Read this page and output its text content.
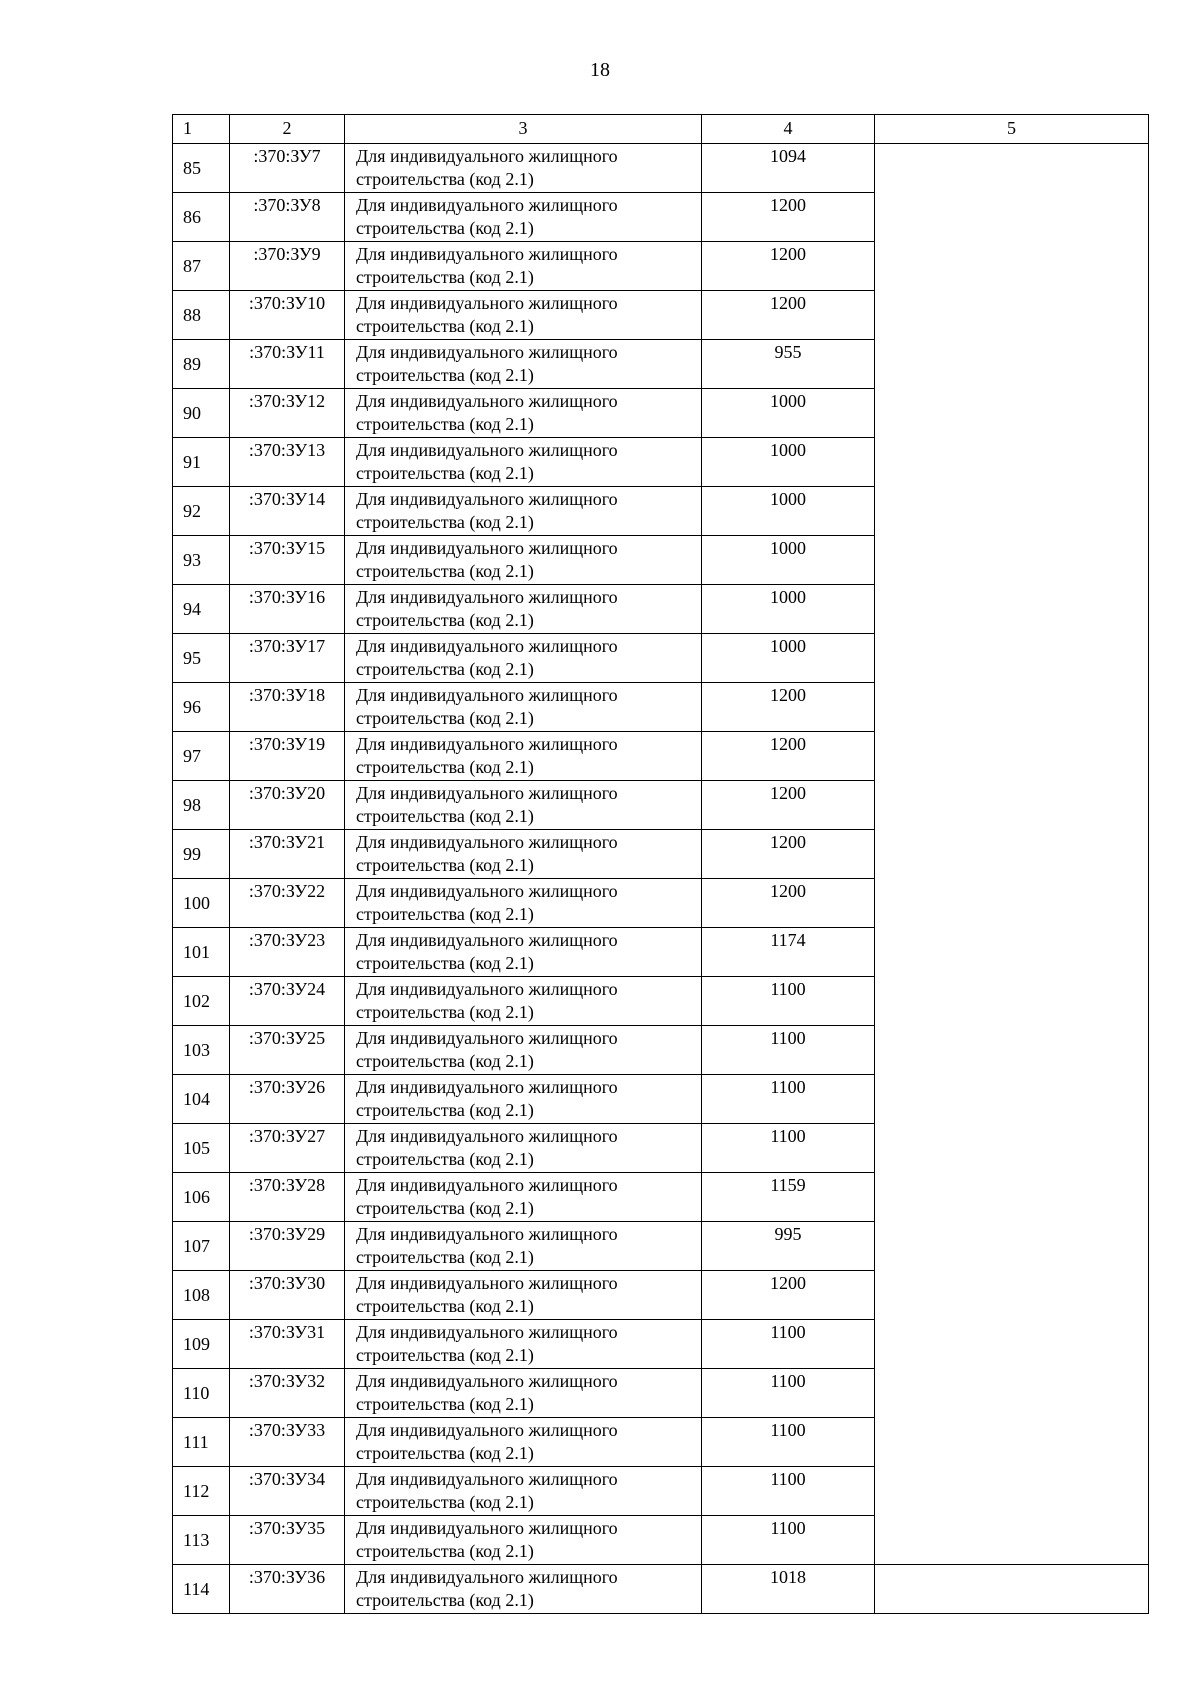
18
1	2	3	4	5
85	:370:ЗУ7	Для индивидуального жилищного
строительства (код 2.1)	1094	
86	:370:ЗУ8	Для индивидуального жилищного
строительства (код 2.1)	1200	
87	:370:ЗУ9	Для индивидуального жилищного
строительства (код 2.1)	1200	
88	:370:ЗУ10	Для индивидуального жилищного
строительства (код 2.1)	1200	
89	:370:ЗУ11	Для индивидуального жилищного
строительства (код 2.1)	955	
90	:370:ЗУ12	Для индивидуального жилищного
строительства (код 2.1)	1000	
91	:370:ЗУ13	Для индивидуального жилищного
строительства (код 2.1)	1000	
92	:370:ЗУ14	Для индивидуального жилищного
строительства (код 2.1)	1000	
93	:370:ЗУ15	Для индивидуального жилищного
строительства (код 2.1)	1000	
94	:370:ЗУ16	Для индивидуального жилищного
строительства (код 2.1)	1000	
95	:370:ЗУ17	Для индивидуального жилищного
строительства (код 2.1)	1000	
96	:370:ЗУ18	Для индивидуального жилищного
строительства (код 2.1)	1200	
97	:370:ЗУ19	Для индивидуального жилищного
строительства (код 2.1)	1200	
98	:370:ЗУ20	Для индивидуального жилищного
строительства (код 2.1)	1200	
99	:370:ЗУ21	Для индивидуального жилищного
строительства (код 2.1)	1200	
100	:370:ЗУ22	Для индивидуального жилищного
строительства (код 2.1)	1200	
101	:370:ЗУ23	Для индивидуального жилищного
строительства (код 2.1)	1174	
102	:370:ЗУ24	Для индивидуального жилищного
строительства (код 2.1)	1100	
103	:370:ЗУ25	Для индивидуального жилищного
строительства (код 2.1)	1100	
104	:370:ЗУ26	Для индивидуального жилищного
строительства (код 2.1)	1100	
105	:370:ЗУ27	Для индивидуального жилищного
строительства (код 2.1)	1100	
106	:370:ЗУ28	Для индивидуального жилищного
строительства (код 2.1)	1159	
107	:370:ЗУ29	Для индивидуального жилищного
строительства (код 2.1)	995	
108	:370:ЗУ30	Для индивидуального жилищного
строительства (код 2.1)	1200	
109	:370:ЗУ31	Для индивидуального жилищного
строительства (код 2.1)	1100	
110	:370:ЗУ32	Для индивидуального жилищного
строительства (код 2.1)	1100	
111	:370:ЗУ33	Для индивидуального жилищного
строительства (код 2.1)	1100	
112	:370:ЗУ34	Для индивидуального жилищного
строительства (код 2.1)	1100	
113	:370:ЗУ35	Для индивидуального жилищного
строительства (код 2.1)	1100	
114	:370:ЗУ36	Для индивидуального жилищного
строительства (код 2.1)	1018	
